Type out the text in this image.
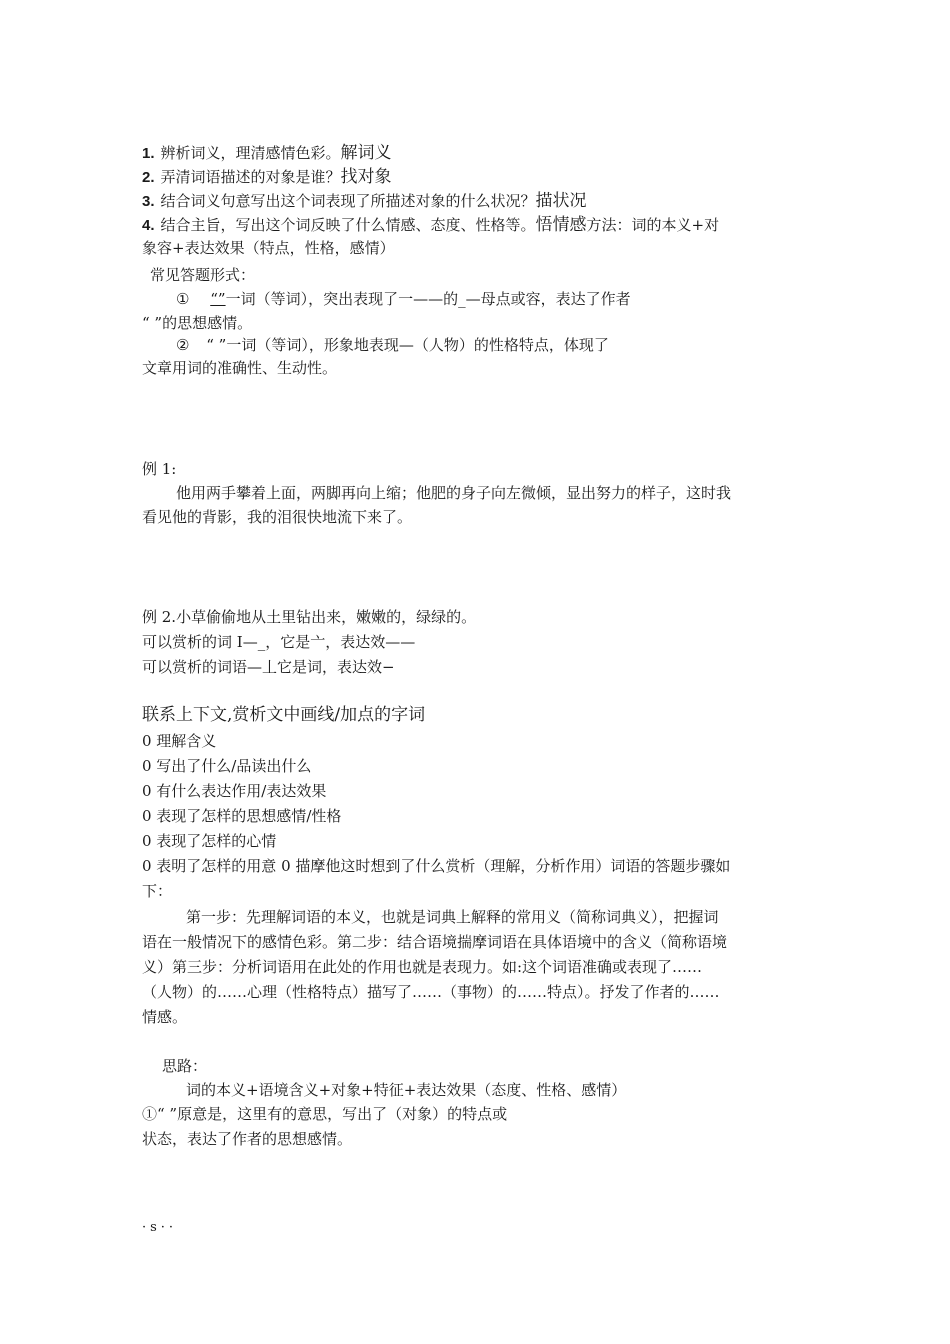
1. 辨析词义，理清感情色彩。解词义
2. 弄清词语描述的对象是谁？找对象
3. 结合词义句意写出这个词表现了所描述对象的什么状况？描状况
4. 结合主旨，写出这个词反映了什么情感、态度、性格等。悟情感方法：词的本义+对
象容+表达效果（特点，性格，感情）
常见答题形式：
① “”一词（等词），突出表现了一——的_—母点或容，表达了作者
“ ”的思想感情。
② “ ”一词（等词），形象地表现—（人物）的性格特点，体现了
文章用词的准确性、生动性。
例 1:
他用两手攀着上面，两脚再向上缩；他肥的身子向左微倾，显出努力的样子，这时我
看见他的背影，我的泪很快地流下来了。
例 2.小草偷偷地从土里钻出来，嫩嫩的，绿绿的。
可以赏析的词 I—_，它是亠，表达效——
可以赏析的词语—丄它是词，表达效−
联系上下文,赏析文中画线/加点的字词
0 理解含义
0 写出了什么/品读出什么
0 有什么表达作用/表达效果
0 表现了怎样的思想感情/性格
0 表现了怎样的心情
0 表明了怎样的用意 0 描摩他这时想到了什么赏析（理解，分析作用）词语的答题步骤如
下：
第一步：先理解词语的本义，也就是词典上解释的常用义（简称词典义），把握词
语在一般情况下的感情色彩。第二步：结合语境揣摩词语在具体语境中的含义（简称语境
义）第三步：分析词语用在此处的作用也就是表现力。如:这个词语准确或表现了……
（人物）的……心理（性格特点）描写了……（事物）的……特点）。抒发了作者的……
情感。
思路：
词的本义+语境含义+对象+特征+表达效果（态度、性格、感情）
①“ ”原意是，这里有的意思，写出了（对象）的特点或
状态，表达了作者的思想感情。
·s··
